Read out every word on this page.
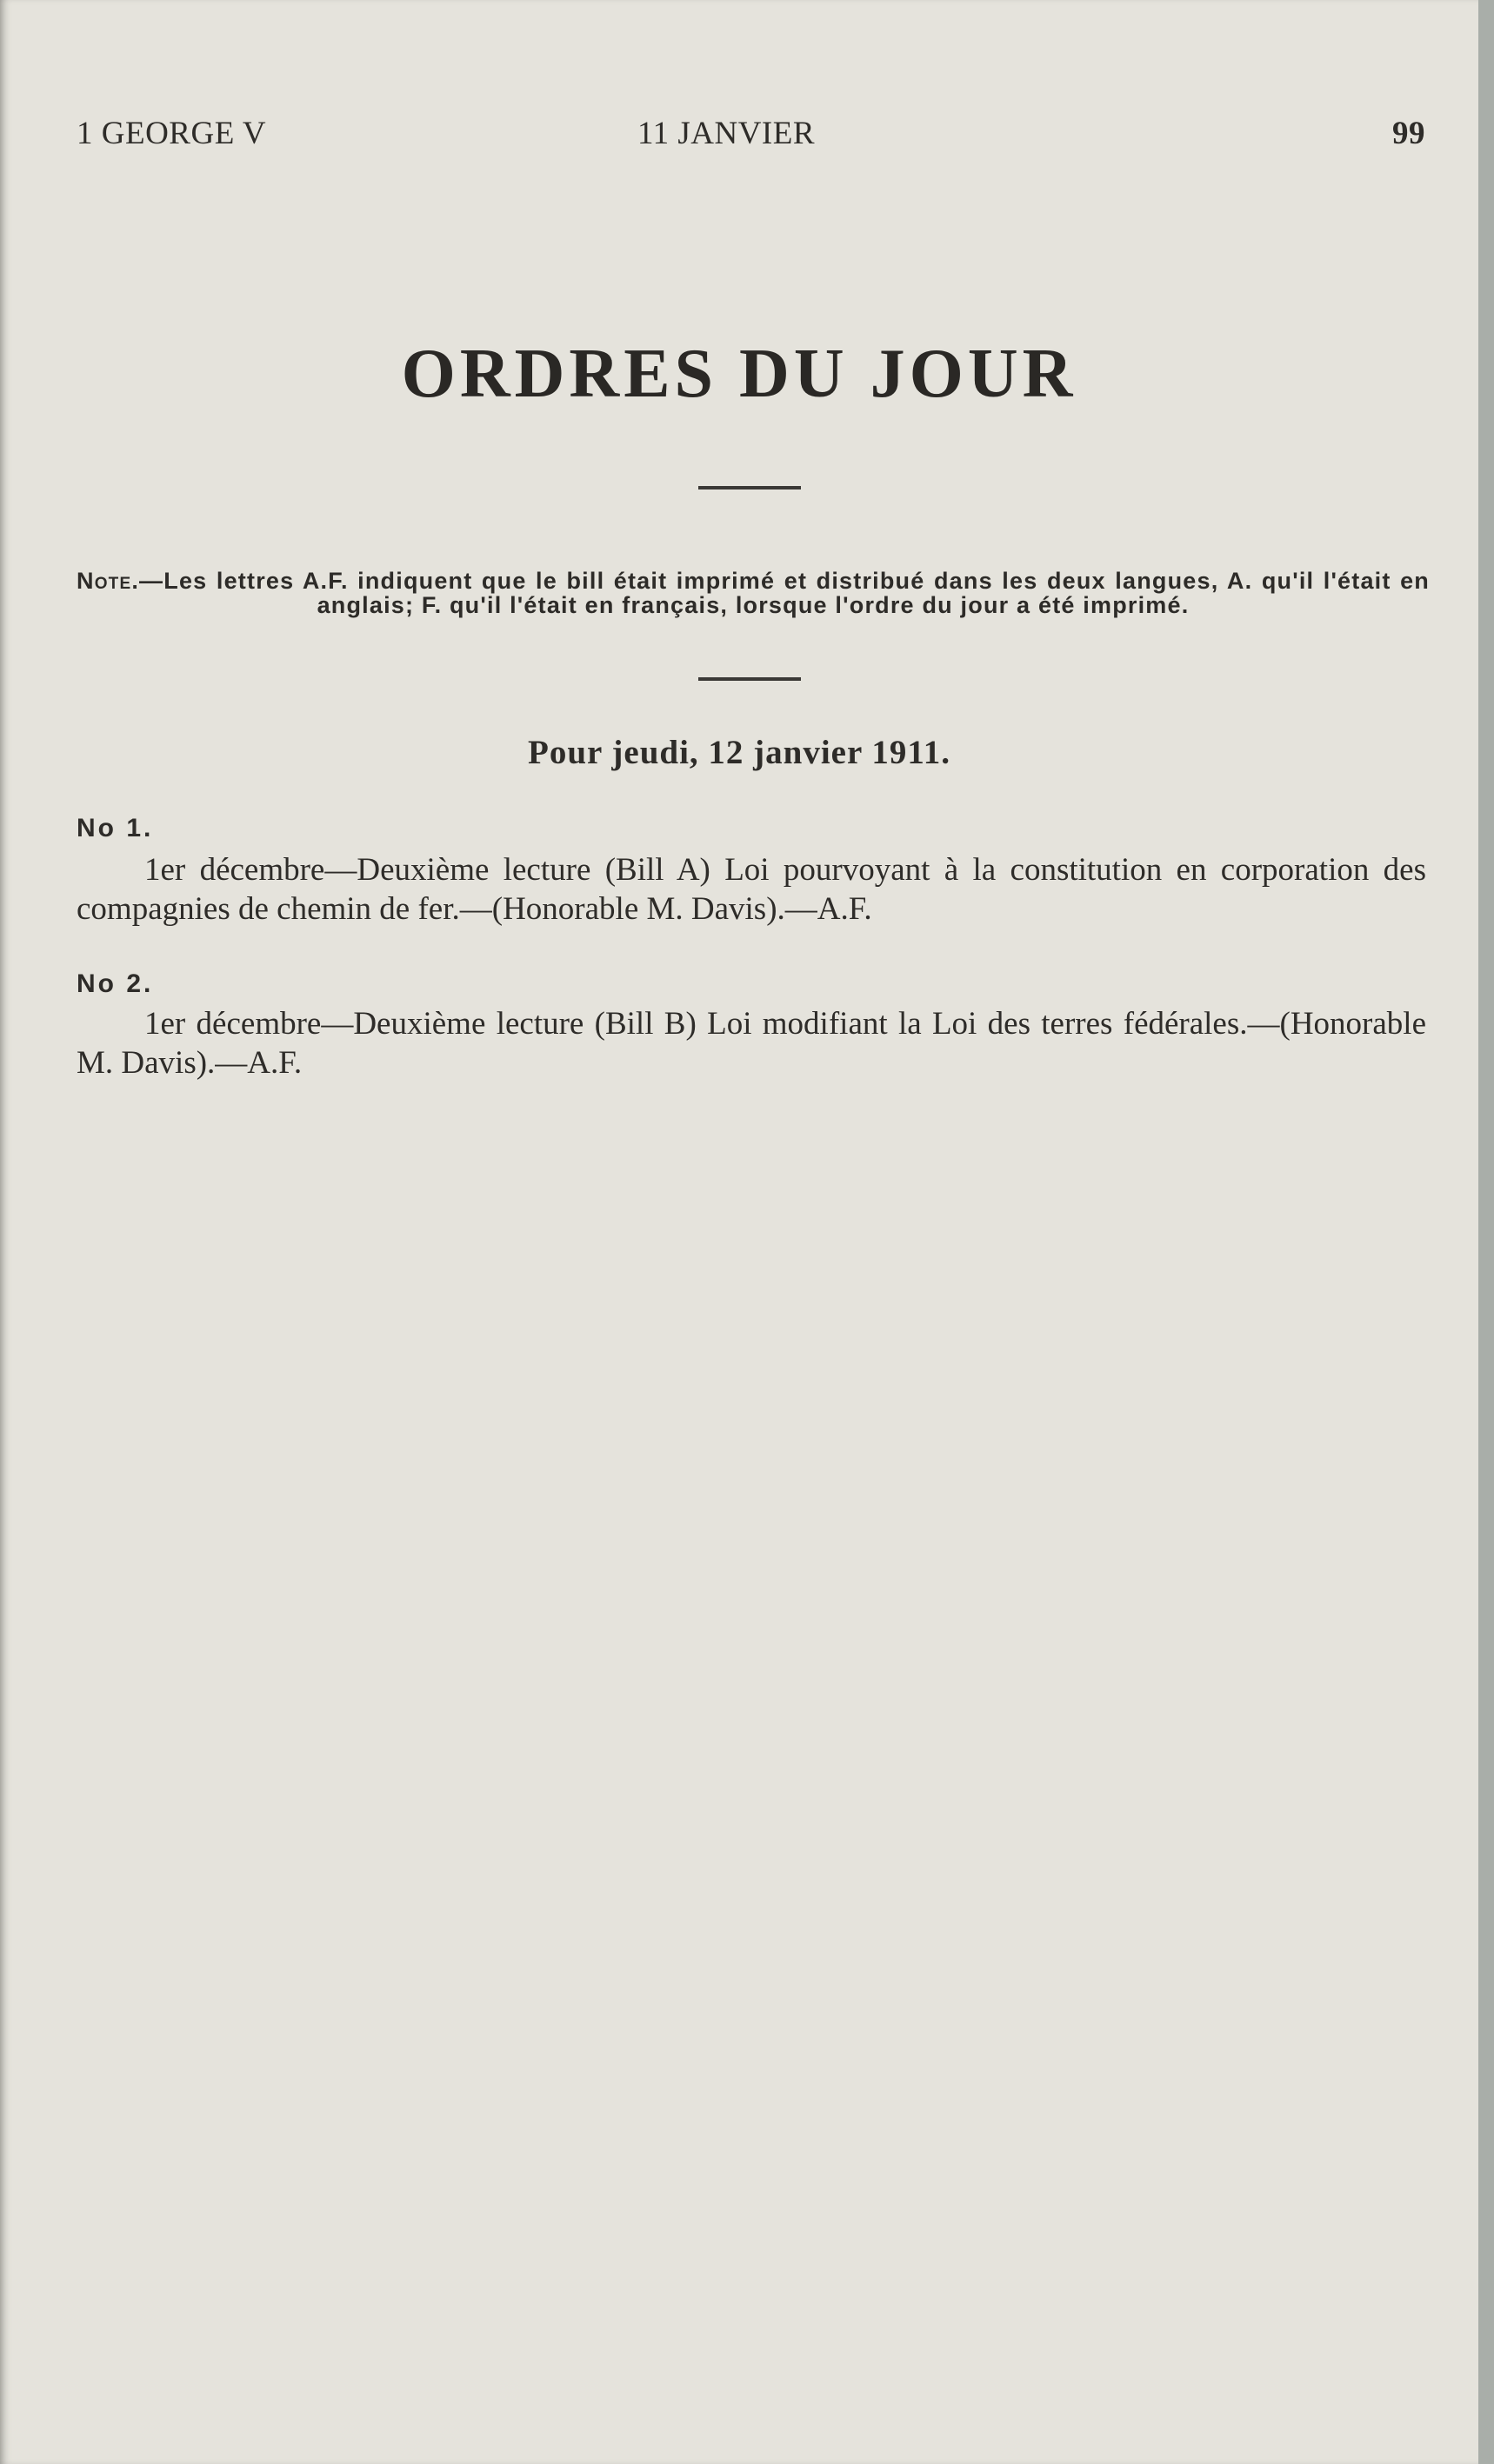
1 GEORGE V	11 JANVIER	99
ORDRES DU JOUR
Note.—Les lettres A.F. indiquent que le bill était imprimé et distribué dans les deux langues, A. qu'il l'était en anglais; F. qu'il l'était en français, lorsque l'ordre du jour a été imprimé.
Pour jeudi, 12 janvier 1911.
No 1.
1er décembre—Deuxième lecture (Bill A) Loi pourvoyant à la constitution en corporation des compagnies de chemin de fer.—(Honorable M. Davis).—A.F.
No 2.
1er décembre—Deuxième lecture (Bill B) Loi modifiant la Loi des terres fédérales.—(Honorable M. Davis).—A.F.
